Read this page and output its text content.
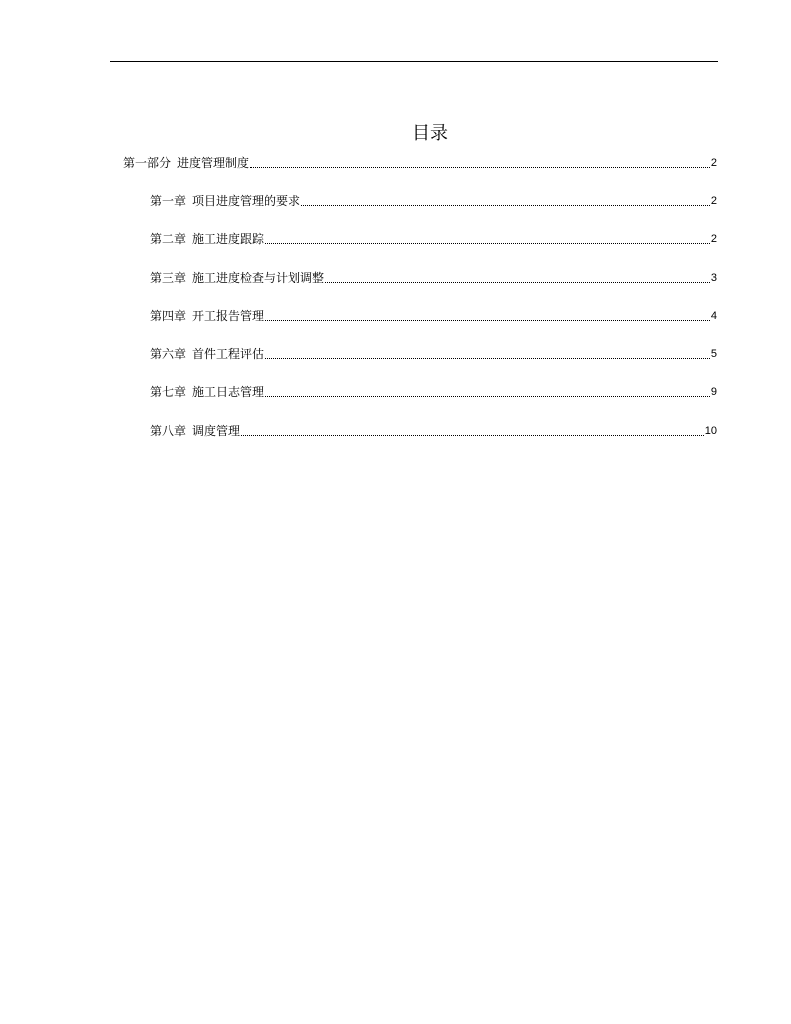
目录
第一部分 进度管理制度	2
第一章 项目进度管理的要求	2
第二章 施工进度跟踪	2
第三章 施工进度检查与计划调整	3
第四章 开工报告管理	4
第六章 首件工程评估	5
第七章 施工日志管理	9
第八章 调度管理	10
